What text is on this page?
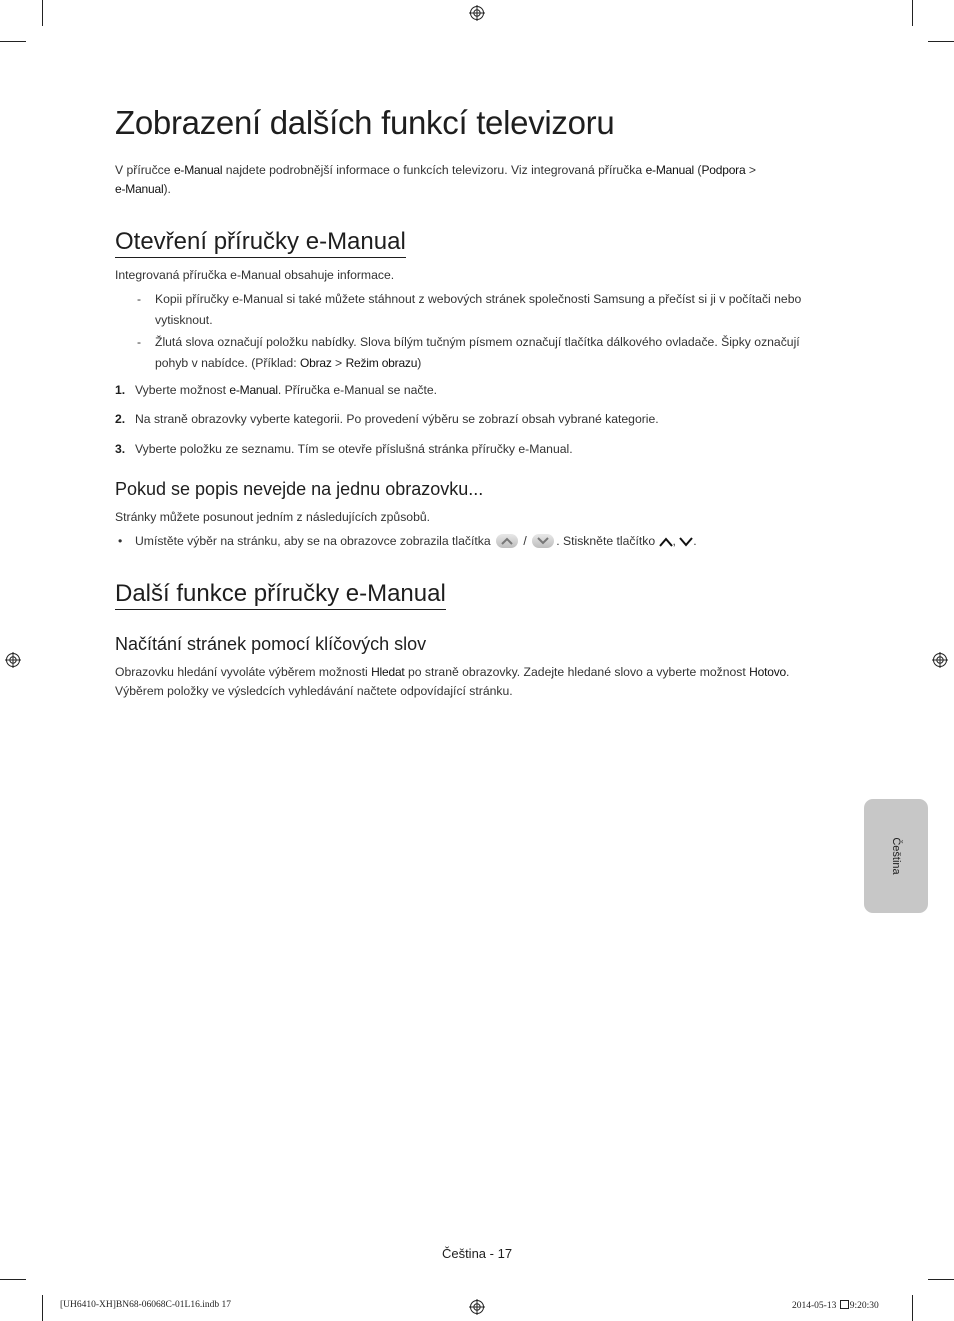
Zobrazení dalších funkcí televizoru
V příručce e-Manual najdete podrobnější informace o funkcích televizoru. Viz integrovaná příručka e-Manual (Podpora >
e-Manual).
Otevření příručky e-Manual
Integrovaná příručka e-Manual obsahuje informace.
- Kopii příručky e-Manual si také můžete stáhnout z webových stránek společnosti Samsung a přečíst si ji v počítači nebo vytisknout.
- Žlutá slova označují položku nabídky. Slova bílým tučným písmem označují tlačítka dálkového ovladače. Šipky označují pohyb v nabídce. (Příklad: Obraz > Režim obrazu)
1. Vyberte možnost e-Manual. Příručka e-Manual se načte.
2. Na straně obrazovky vyberte kategorii. Po provedení výběru se zobrazí obsah vybrané kategorie.
3. Vyberte položku ze seznamu. Tím se otevře příslušná stránka příručky e-Manual.
Pokud se popis nevejde na jednu obrazovku...
Stránky můžete posunout jedním z následujících způsobů.
• Umístěte výběr na stránku, aby se na obrazovce zobrazila tlačítka
/
. Stiskněte tlačítko , .
Další funkce příručky e-Manual
Načítání stránek pomocí klíčových slov
Obrazovku hledání vyvoláte výběrem možnosti Hledat po straně obrazovky. Zadejte hledané slovo a vyberte možnost Hotovo.
Výběrem položky ve výsledcích vyhledávání načtete odpovídající stránku.
Čeština
Čeština - 17
[UH6410-XH]BN68-06068C-01L16.indb 17	2014-05-13 9:20:30
